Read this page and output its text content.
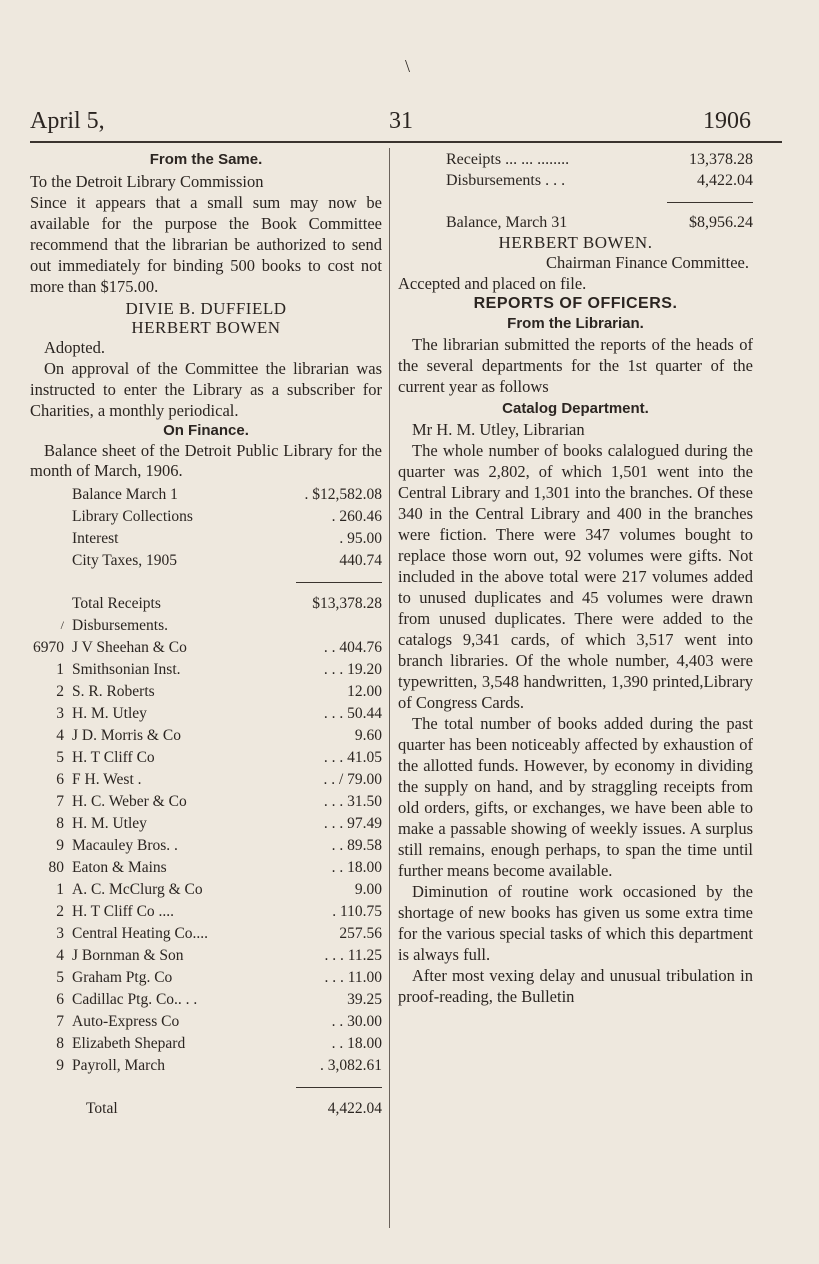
\
April 5,	31	1906
From the Same.

To the Detroit Library Commission

Since it appears that a small sum may now be available for the purpose the Book Committee recommend that the librarian be authorized to send out immediately for binding 500 books to cost not more than $175.00.

DIVIE B. DUFFIELD
HERBERT BOWEN

Adopted.

On approval of the Committee the librarian was instructed to enter the Library as a subscriber for Charities, a monthly periodical.

On Finance.

Balance sheet of the Detroit Public Library for the month of March, 1906.

	Balance March 1	. $12,582.08
	Library Collections	. 260.46
	Interest	. 95.00
	City Taxes, 1905	440.74

	Total Receipts	$13,378.28
/	Disbursements.	
6970	J V Sheehan & Co	. . 404.76
1	Smithsonian Inst.	. . . 19.20
2	S. R. Roberts	12.00
3	H. M. Utley	. . . 50.44
4	J D. Morris & Co	9.60
5	H. T Cliff Co	. . . 41.05
6	F H. West .	. . / 79.00
7	H. C. Weber & Co	. . . 31.50
8	H. M. Utley	. . . 97.49
9	Macauley Bros. .	. . 89.58
80	Eaton & Mains	. . 18.00
1	A. C. McClurg & Co	9.00
2	H. T Cliff Co ....	. 110.75
3	Central Heating Co....	257.56
4	J Bornman & Son	. . . 11.25
5	Graham Ptg. Co	. . . 11.00
6	Cadillac Ptg. Co.. . .	39.25
7	Auto-Express Co	. . 30.00
8	Elizabeth Shepard	. . 18.00
9	Payroll, March	. 3,082.61

	Total	4,422.04
Receipts ... ... ........	13,378.28
Disbursements . . .	4,422.04

Balance, March 31	$8,956.24
HERBERT BOWEN.

Chairman Finance Committee.

Accepted and placed on file.

REPORTS OF OFFICERS.
From the Librarian.

The librarian submitted the reports of the heads of the several departments for the 1st quarter of the current year as follows

Catalog Department.

Mr H. M. Utley, Librarian

The whole number of books calalogued during the quarter was 2,802, of which 1,501 went into the Central Library and 1,301 into the branches. Of these 340 in the Central Library and 400 in the branches were fiction. There were 347 volumes bought to replace those worn out, 92 volumes were gifts. Not included in the above total were 217 volumes added to unused duplicates and 45 volumes were drawn from unused duplicates. There were added to the catalogs 9,341 cards, of which 3,517 went into branch libraries. Of the whole number, 4,403 were typewritten, 3,548 handwritten, 1,390 printed,Library of Congress Cards.

The total number of books added during the past quarter has been noticeably affected by exhaustion of the allotted funds. However, by economy in dividing the supply on hand, and by straggling receipts from old orders, gifts, or exchanges, we have been able to make a passable showing of weekly issues. A surplus still remains, enough perhaps, to span the time until further means become available.

Diminution of routine work occasioned by the shortage of new books has given us some extra time for the various special tasks of which this department is always full.

After most vexing delay and unusual tribulation in proof-reading, the Bulletin
